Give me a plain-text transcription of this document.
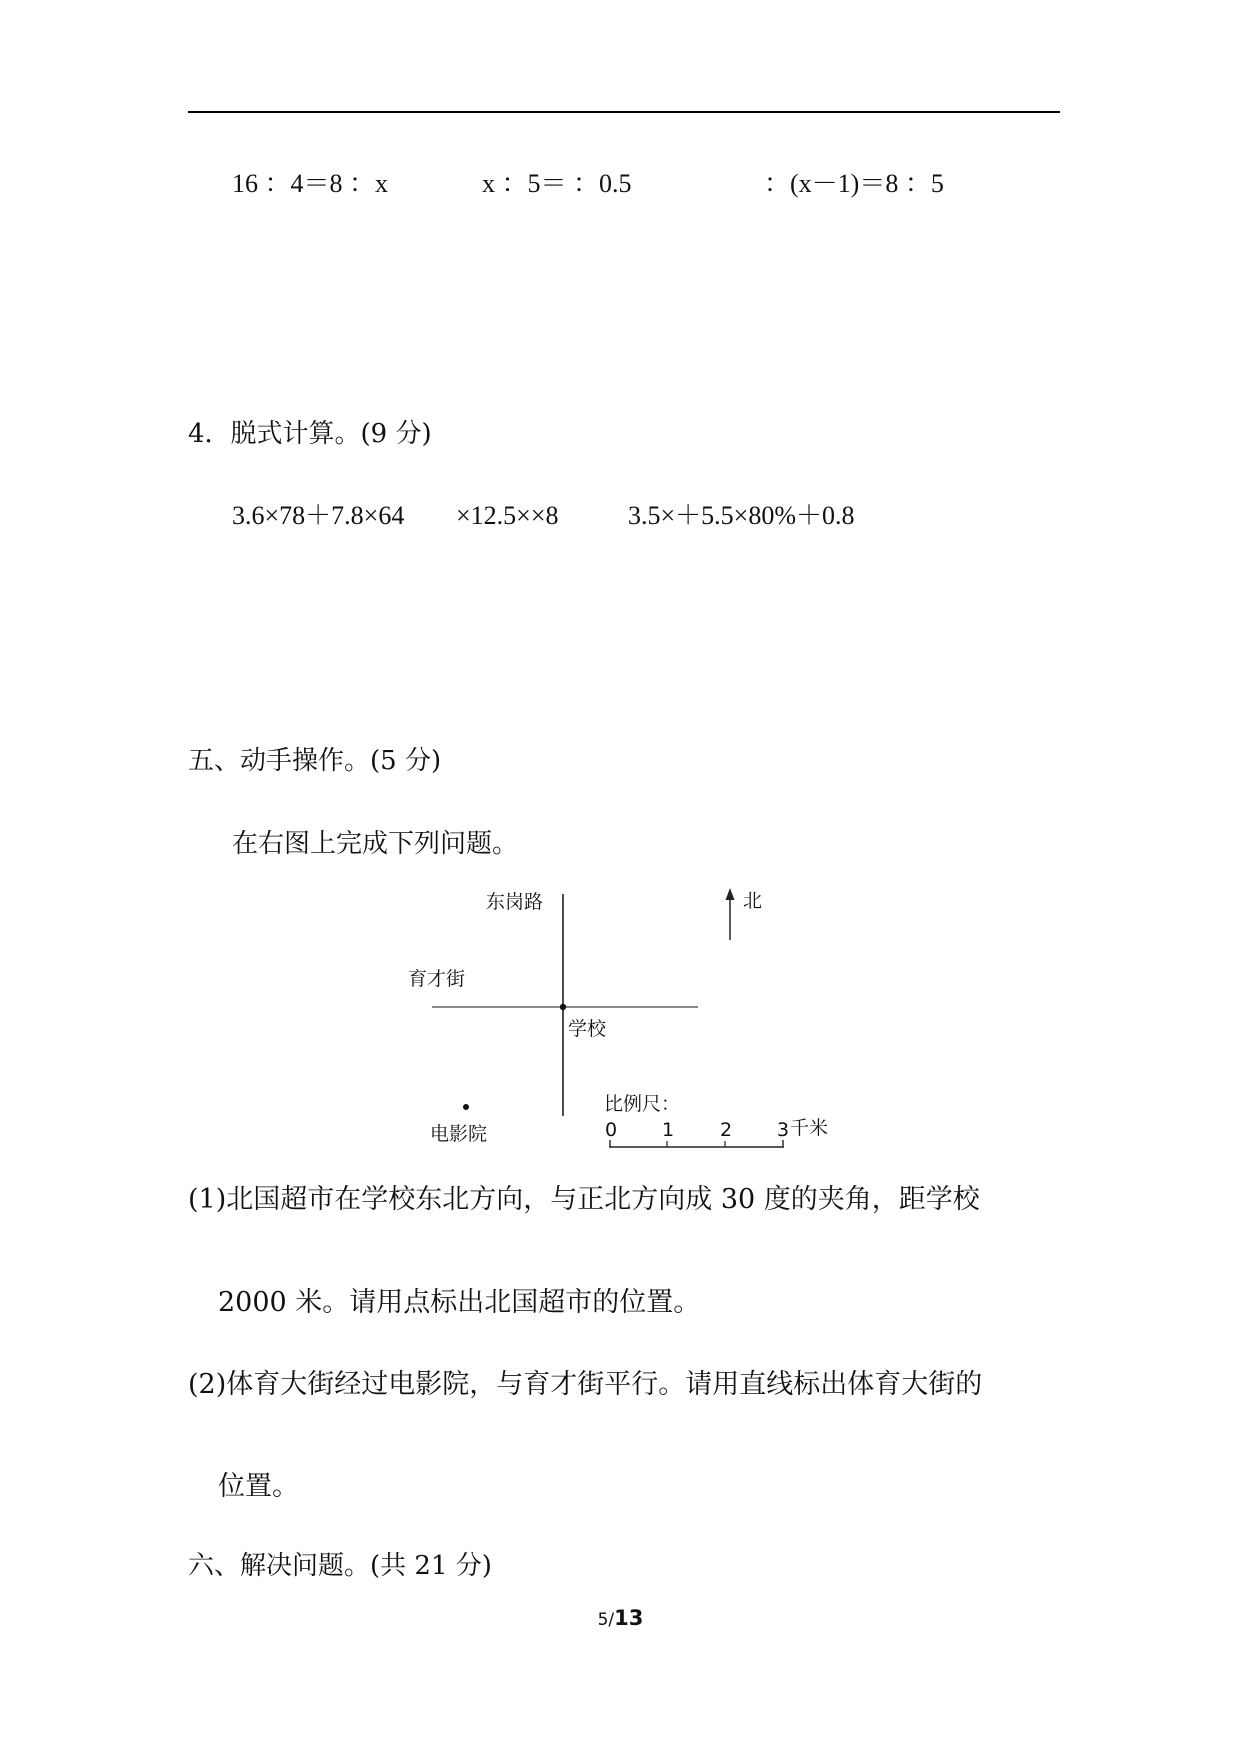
16 ：4＝8 ：x	x ：5＝ ：0.5	：(x－1)＝8 ：5
4．脱式计算。(9 分)
3.6×78＋7.8×64 ×12.5××8	3.5×＋5.5×80%＋0.8
五、动手操作。(5 分)
在右图上完成下列问题。
东岗路
育才街
学校
电影院
北
比例尺：
0 1 2 3 千米
(1)北国超市在学校东北方向，与正北方向成 30 度的夹角，距学校
2000 米。请用点标出北国超市的位置。
(2)体育大街经过电影院，与育才街平行。请用直线标出体育大街的
位置。
六、解决问题。(共 21 分)
5/13
